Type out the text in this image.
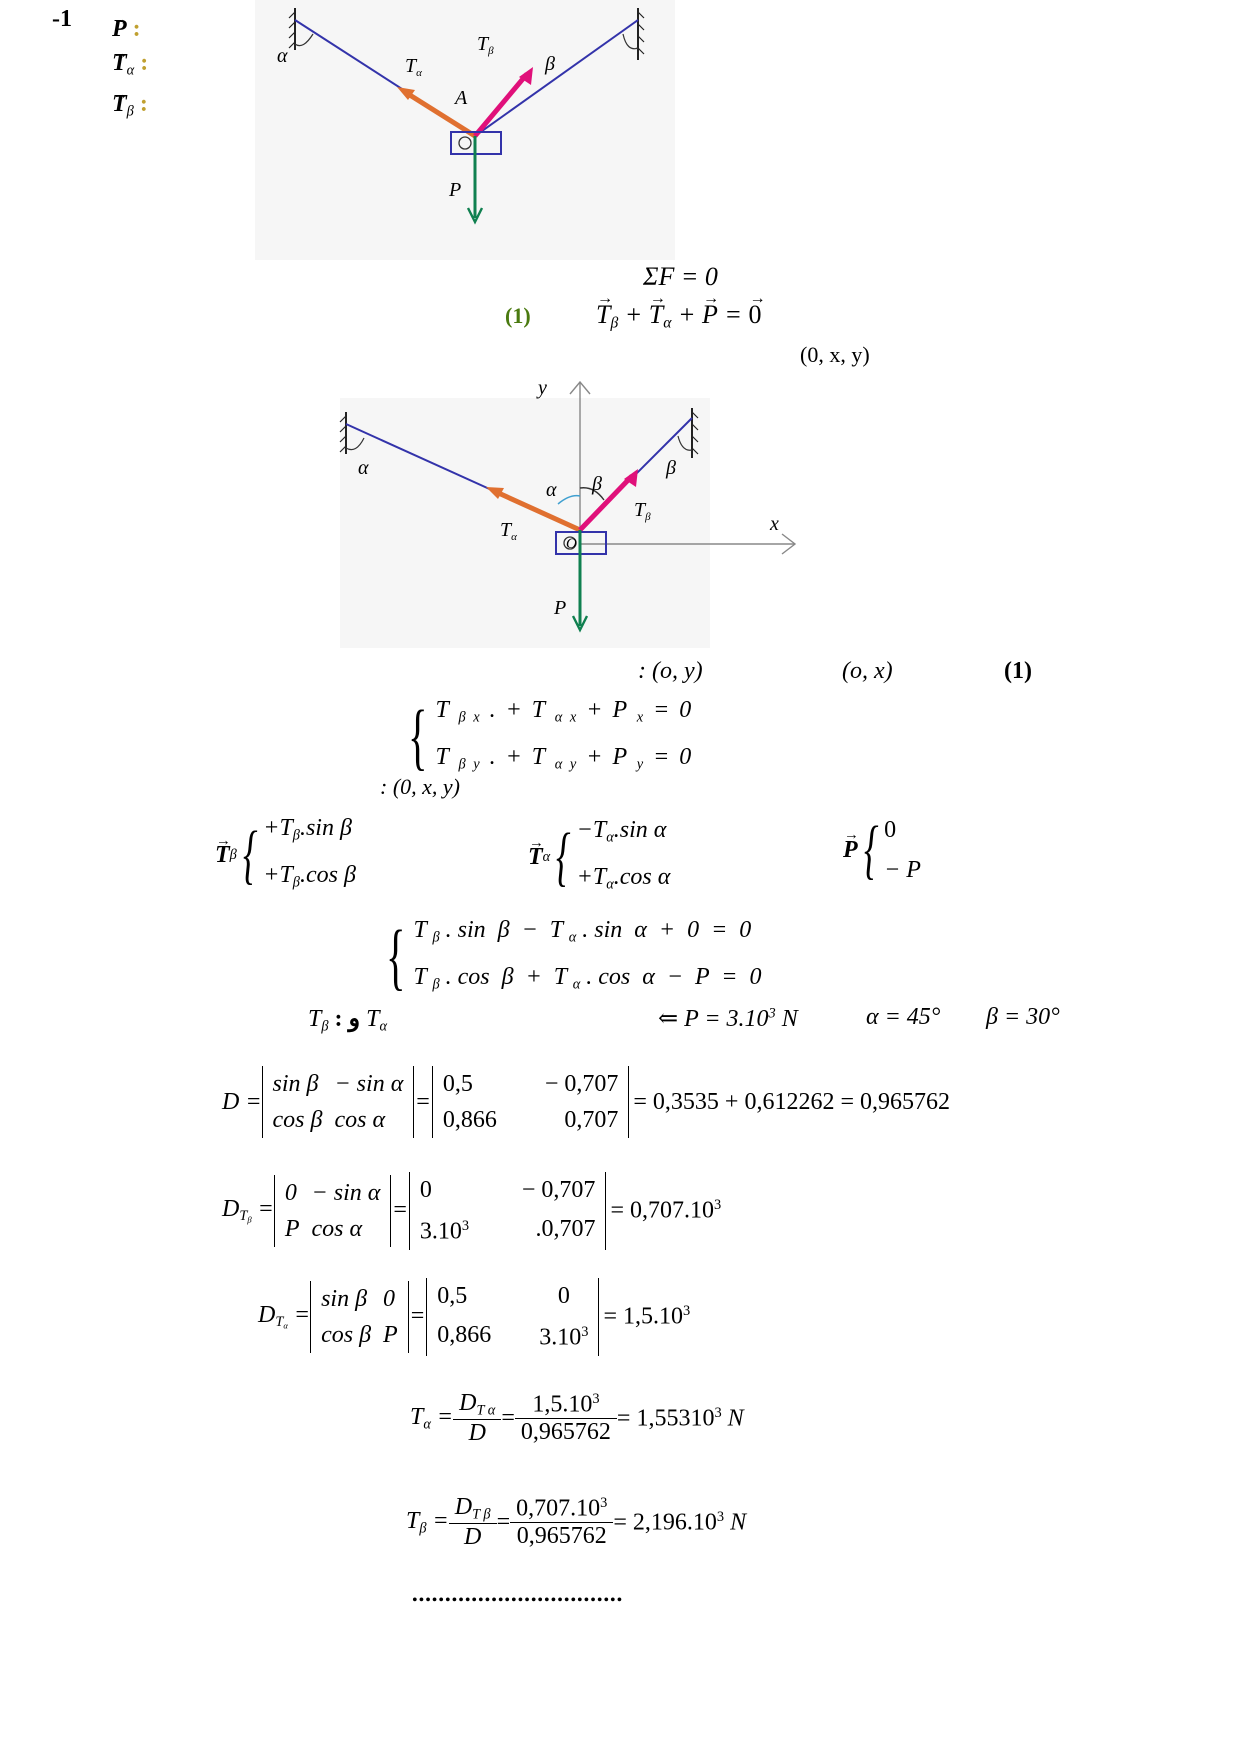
-1 → P :
→ $T_\alpha$ :
→ $T_\beta$ :
α	β
A
$T_\alpha$
$T_\beta$
P
ΣF = 0
(1)	→ $T_\beta$ + → $T_\alpha$ + → P = → 0
(0, x, y)
y
x
α	β
α β
O
$T_\alpha$
$T_\beta$
P
(1)
(o, x)
: (o, y)
{ T $_{\beta x}$ . + T $_{\alpha x}$ + P $_x$ = 0
T $_{\beta y}$ . + T $_{\alpha y}$ + P $_y$ = 0
: (0, x, y)
→ T β { $+T_\beta.\sin$ β
$+T_\beta.\cos$ β
→ T α { $-T_\alpha.\sin$ α
$+T_\alpha.\cos$ α
→ P { 0
− P
{ T $_\beta$ . sin  β  −  T $_\alpha$ . sin  α  +  0  =  0
T $_\beta$ . cos  β  +  T $_\alpha$ . cos  α  −  P  =  0
$T_\beta$ : و $T_\alpha$	⇐ $P = 3.10^3$ N	α = 45° β = 30°
D =
sin β	− sin α
cos β	cos α
=
0,5	− 0,707
0,866	0,707
= 0,3535 + 0,612262 = 0,965762
$D_{T_\beta}$ =
0	− sin α
P	cos α
=
0	− 0,707
3.10$^3$	.0,707
= $0,707.10^3$
$D_{T_\alpha}$ =
sin β	0
cos β	P
=
0,5	0
0,866	$3.10^3$
= $1,5.10^3$
$T_\alpha = \frac{D_{T \alpha}}{D} = \frac{1,5.10^3}{0,965762} = 1,55310^3$ N
$T_\beta = \frac{D_{T \beta}}{D} = \frac{0,707.10^3}{0,965762} = 2,196.10^3$ N
••••••••••••••••••••••••••••••••
